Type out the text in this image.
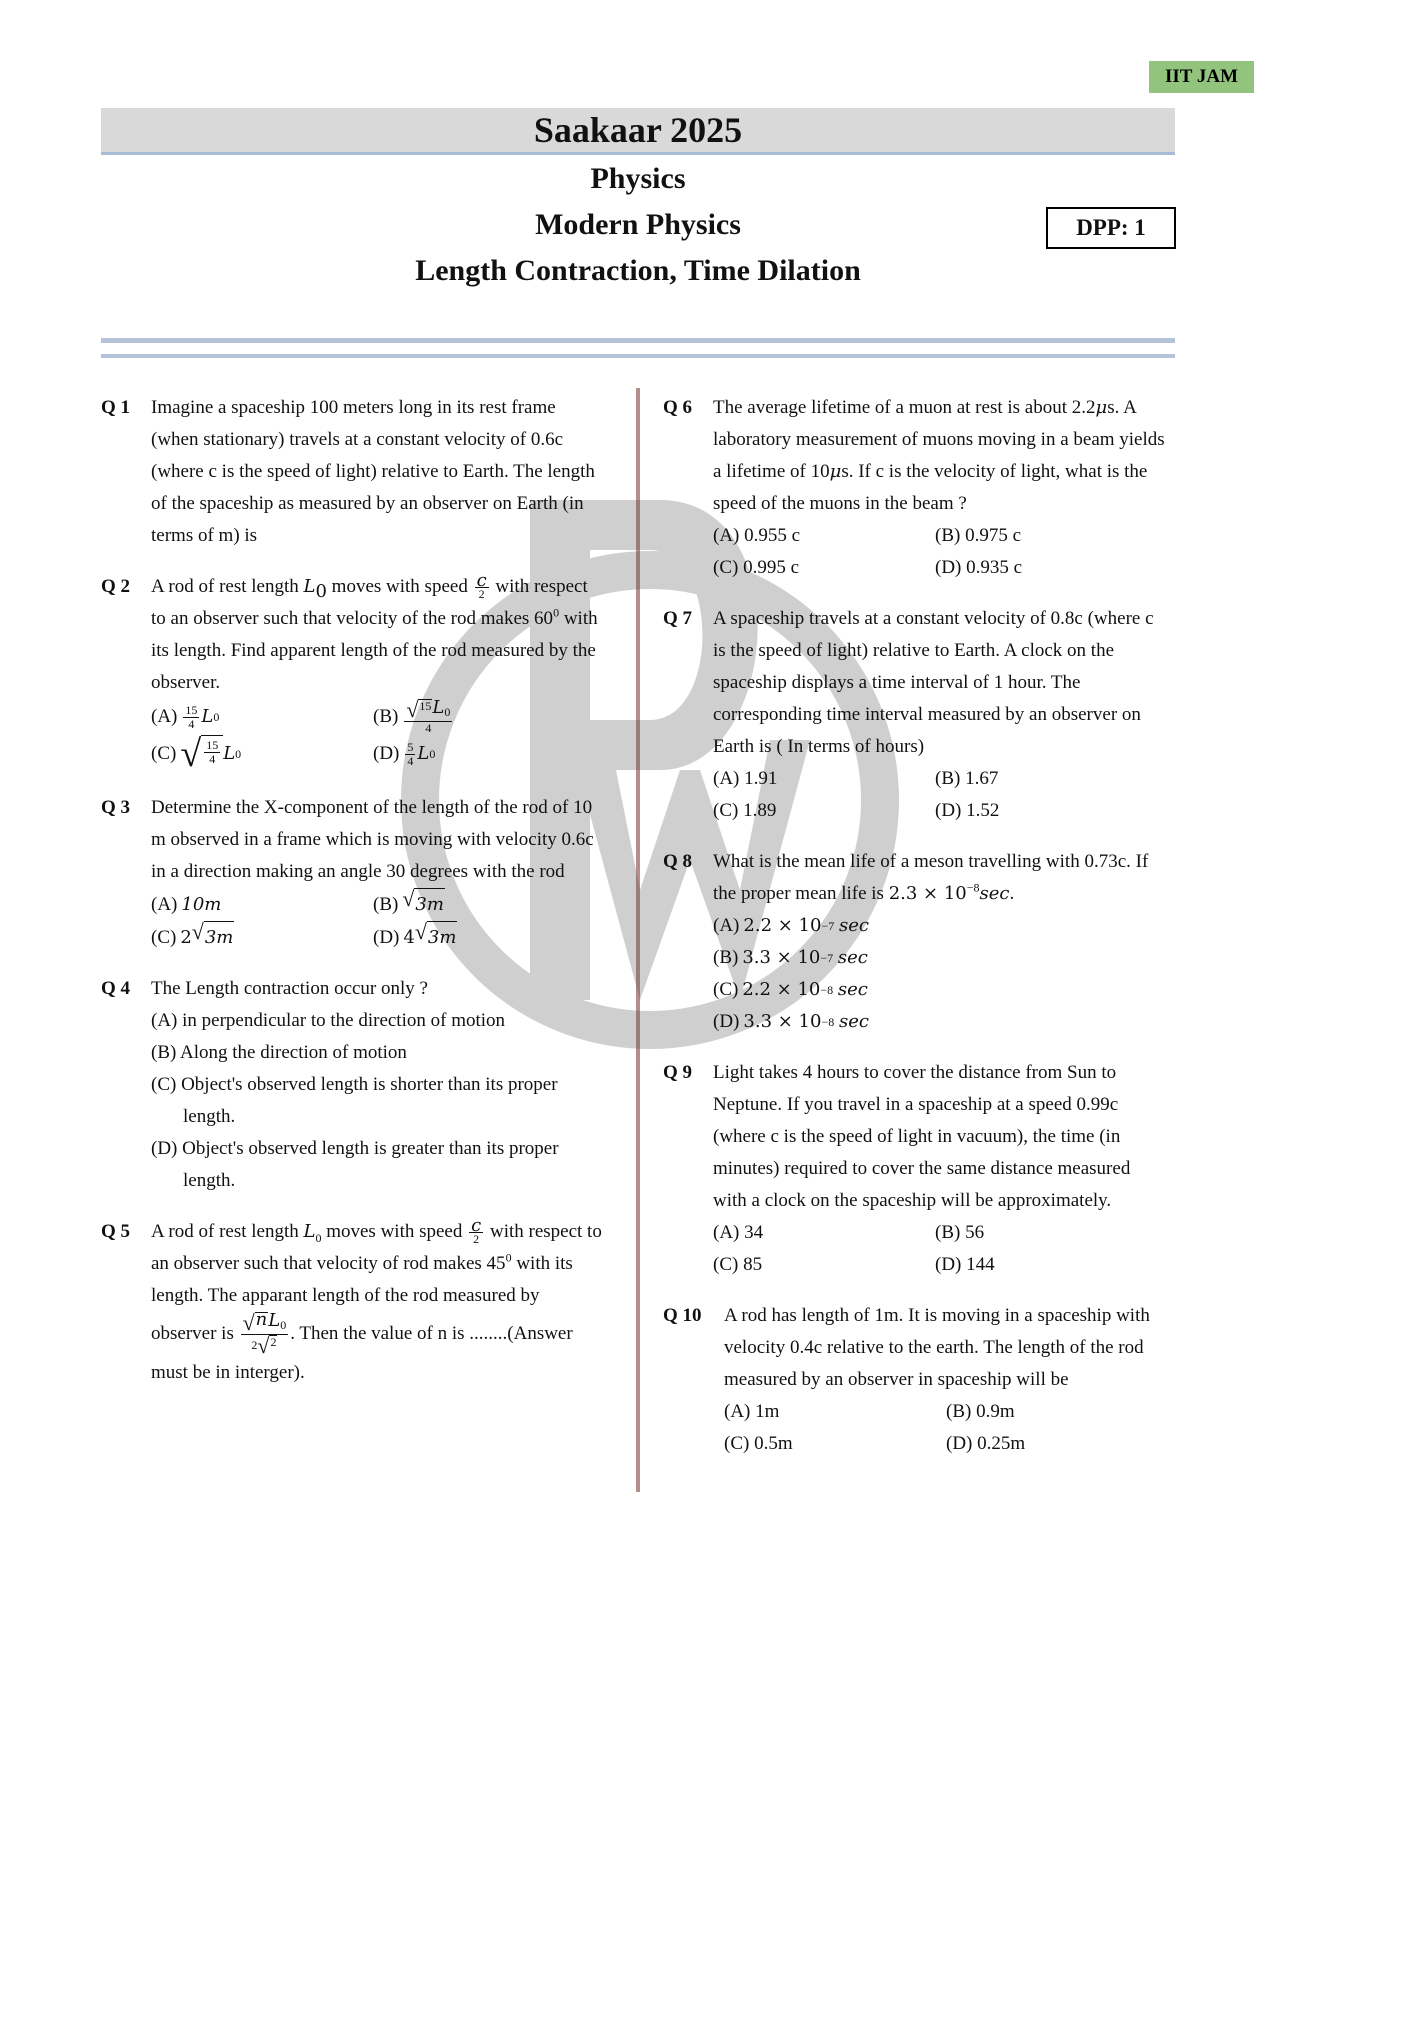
IIT JAM
Saakaar 2025
Physics
Modern Physics
Length Contraction, Time Dilation
DPP: 1
Q 1 Imagine a spaceship 100 meters long in its rest frame (when stationary) travels at a constant velocity of 0.6c (where c is the speed of light) relative to Earth. The length of the spaceship as measured by an observer on Earth (in terms of m) is
Q 2 A rod of rest length $L_0$ moves with speed $\frac{c}{2}$ with respect to an observer such that velocity of the rod makes $60^0$ with its length. Find apparent length of the rod measured by the observer.
$(A) \frac{15}{4}$ L 0	$(B) \frac{√ 15 L_0}{4}$
(C) √ $\frac{15}{4}$ L 0	$(D) \frac{5}{4}$ L 0
Q 3 Determine the X-component of the length of the rod of 10 m observed in a frame which is moving with velocity 0.6c in a direction making an angle 30 degrees with the rod
(A) 10m	(B) √ 3m
(C) 2 √ 3m	(D) 4 √ 3m
Q 4 The Length contraction occur only ?
(A) in perpendicular to the direction of motion
(B) Along the direction of motion
(C) Object's observed length is shorter than its proper length.
(D) Object's observed length is greater than its proper length.
Q 5 A rod of rest length $L_0$ moves with speed $\frac{c}{2}$ with respect to an observer such that velocity of rod makes $45^0$ with its length. The apparant length of the rod measured by observer is $\frac{√ n L_0}{2 √ 2}$ . Then the value of n is ........(Answer must be in interger).
Q 6 The average lifetime of a muon at rest is about 2.2μs. A laboratory measurement of muons moving in a beam yields a lifetime of 10μs. If c is the velocity of light, what is the speed of the muons in the beam ?
(A) 0.955 c	(B) 0.975 c
(C) 0.995 c	(D) 0.935 c
Q 7 A spaceship travels at a constant velocity of 0.8c (where c is the speed of light) relative to Earth. A clock on the spaceship displays a time interval of 1 hour. The corresponding time interval measured by an observer on Earth is ( In terms of hours)
(A) 1.91	(B) 1.67
(C) 1.89	(D) 1.52
Q 8 What is the mean life of a meson travelling with 0.73c. If the proper mean life is $2.3 \times 10^{-8}\sec$.
(A) 2.2 × 10 −7
sec
(B) 3.3 × 10 −7
sec
(C) 2.2 × 10 −8
sec
(D) 3.3 × 10 −8
sec
Q 9 Light takes 4 hours to cover the distance from Sun to Neptune. If you travel in a spaceship at a speed 0.99c (where c is the speed of light in vacuum), the time (in minutes) required to cover the same distance measured with a clock on the spaceship will be approximately.
(A) 34	(B) 56
(C) 85	(D) 144
Q 10 A rod has length of 1m. It is moving in a spaceship with velocity 0.4c relative to the earth. The length of the rod measured by an observer in spaceship will be
(A) 1m	(B) 0.9m
(C) 0.5m	(D) 0.25m
